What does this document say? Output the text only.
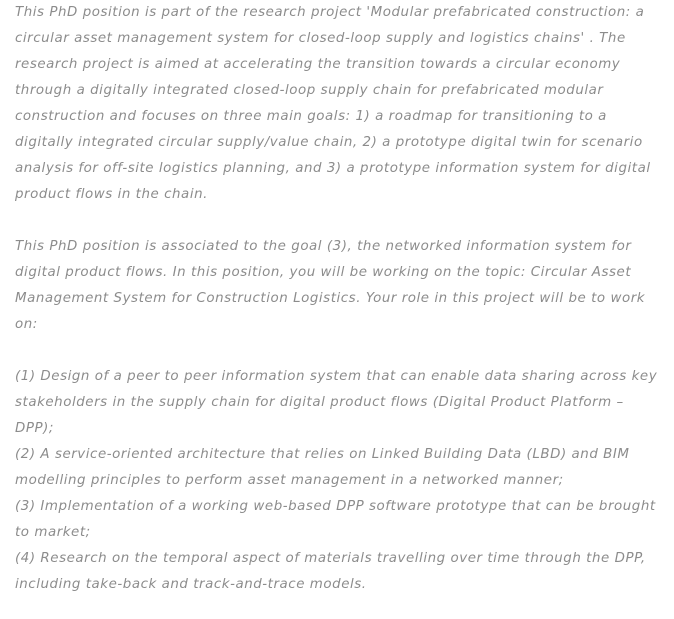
This PhD position is part of the research project 'Modular prefabricated construction: a
circular asset management system for closed-loop supply and logistics chains' . The
research project is aimed at accelerating the transition towards a circular economy
through a digitally integrated closed-loop supply chain for prefabricated modular
construction and focuses on three main goals: 1) a roadmap for transitioning to a
digitally integrated circular supply/value chain, 2) a prototype digital twin for scenario
analysis for off-site logistics planning, and 3) a prototype information system for digital
product flows in the chain.
This PhD position is associated to the goal (3), the networked information system for
digital product flows. In this position, you will be working on the topic: Circular Asset
Management System for Construction Logistics. Your role in this project will be to work
on:
(1) Design of a peer to peer information system that can enable data sharing across key
stakeholders in the supply chain for digital product flows (Digital Product Platform –
DPP);
(2) A service-oriented architecture that relies on Linked Building Data (LBD) and BIM
modelling principles to perform asset management in a networked manner;
(3) Implementation of a working web-based DPP software prototype that can be brought
to market;
(4) Research on the temporal aspect of materials travelling over time through the DPP,
including take-back and track-and-trace models.
